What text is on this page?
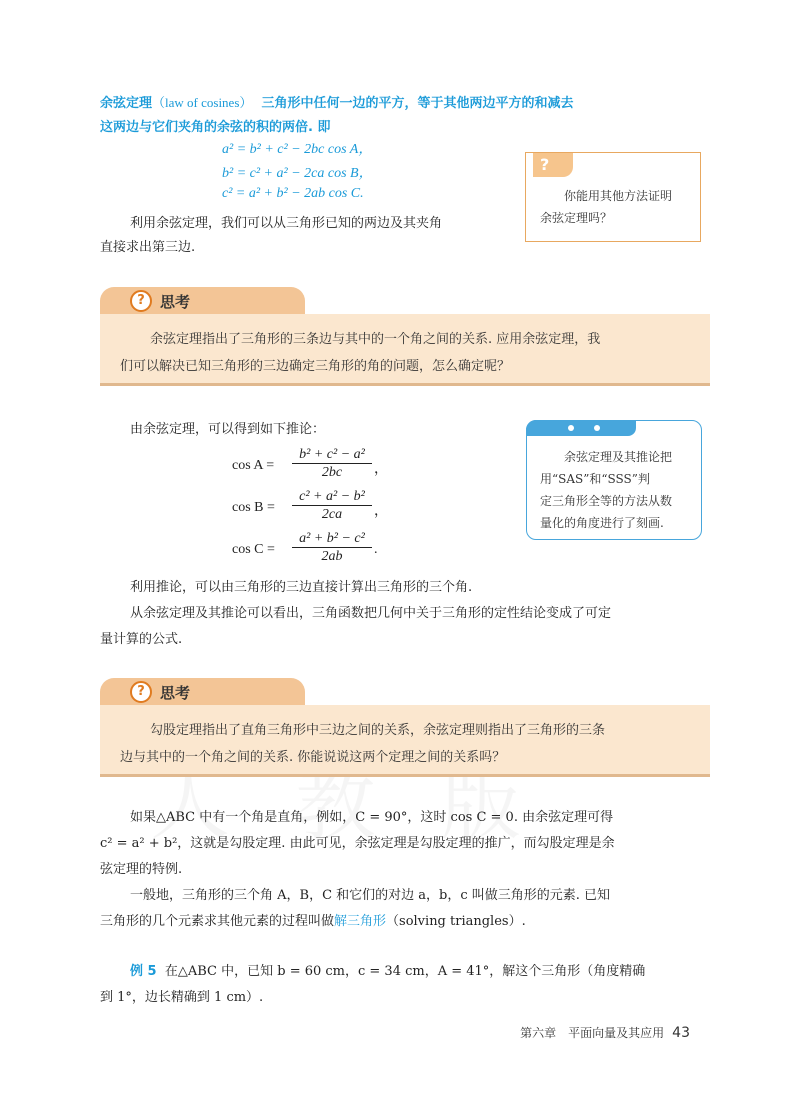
余弦定理（law of cosines） 三角形中任何一边的平方，等于其他两边平方的和减去
这两边与它们夹角的余弦的积的两倍. 即
a² = b² + c² − 2bc cos A，
b² = c² + a² − 2ca cos B，
c² = a² + b² − 2ab cos C.
利用余弦定理，我们可以从三角形已知的两边及其夹角
直接求出第三边.
?
你能用其他方法证明
余弦定理吗？
?	思考
余弦定理指出了三角形的三条边与其中的一个角之间的关系. 应用余弦定理，我
们可以解决已知三角形的三边确定三角形的角的问题，怎么确定呢？
由余弦定理，可以得到如下推论：
$\cos A = \frac{\text{b² + c² − a²}}{2bc}$ ，
$\cos B = \frac{\text{c² + a² − b²}}{2ca}$ ，
$\cos C = \frac{\text{a² + b² − c²}}{2ab}$ .
余弦定理及其推论把
用“SAS”和“SSS”判
定三角形全等的方法从数
量化的角度进行了刻画.
利用推论，可以由三角形的三边直接计算出三角形的三个角.
从余弦定理及其推论可以看出，三角函数把几何中关于三角形的定性结论变成了可定
量计算的公式.
?	思考
勾股定理指出了直角三角形中三边之间的关系，余弦定理则指出了三角形的三条
边与其中的一个角之间的关系. 你能说说这两个定理之间的关系吗？
如果△ABC 中有一个角是直角，例如，C = 90°，这时 cos C = 0. 由余弦定理可得
c² = a² + b²，这就是勾股定理. 由此可见，余弦定理是勾股定理的推广，而勾股定理是余
弦定理的特例.
一般地，三角形的三个角 A，B，C 和它们的对边 a，b，c 叫做三角形的元素. 已知
三角形的几个元素求其他元素的过程叫做解三角形（solving triangles）.
例 5 在△ABC 中，已知 b = 60 cm，c = 34 cm，A = 41°，解这个三角形（角度精确
到 1°，边长精确到 1 cm）.
第六章　平面向量及其应用 43
